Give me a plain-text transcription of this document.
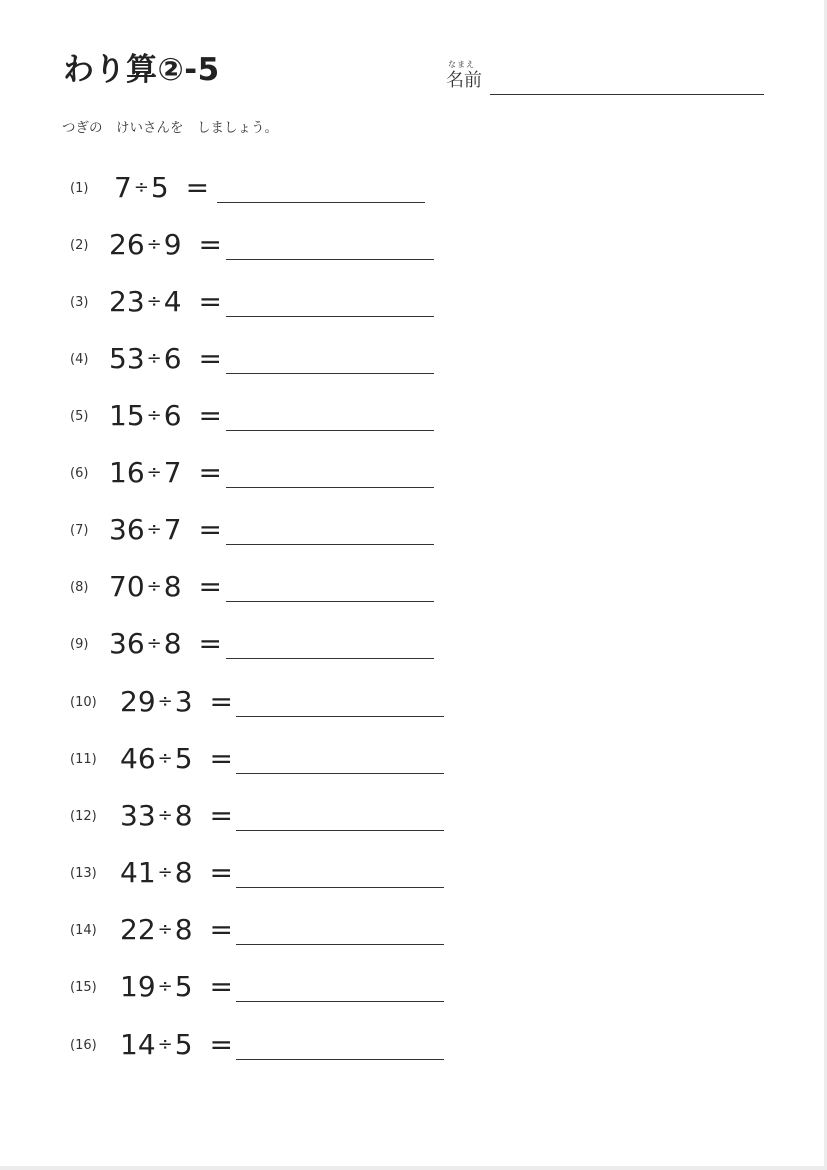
わり算②-5	なまえ
名前
つぎの　けいさんを　しましょう。
(1) 7 ÷5 =
(2) 26 ÷9 =
(3) 23 ÷4 =
(4) 53 ÷6 =
(5) 15 ÷6 =
(6) 16 ÷7 =
(7) 36 ÷7 =
(8) 70 ÷8 =
(9) 36 ÷8 =
(10) 29 ÷3 =
(11) 46 ÷5 =
(12) 33 ÷8 =
(13) 41 ÷8 =
(14) 22 ÷8 =
(15) 19 ÷5 =
(16) 14 ÷5 =
